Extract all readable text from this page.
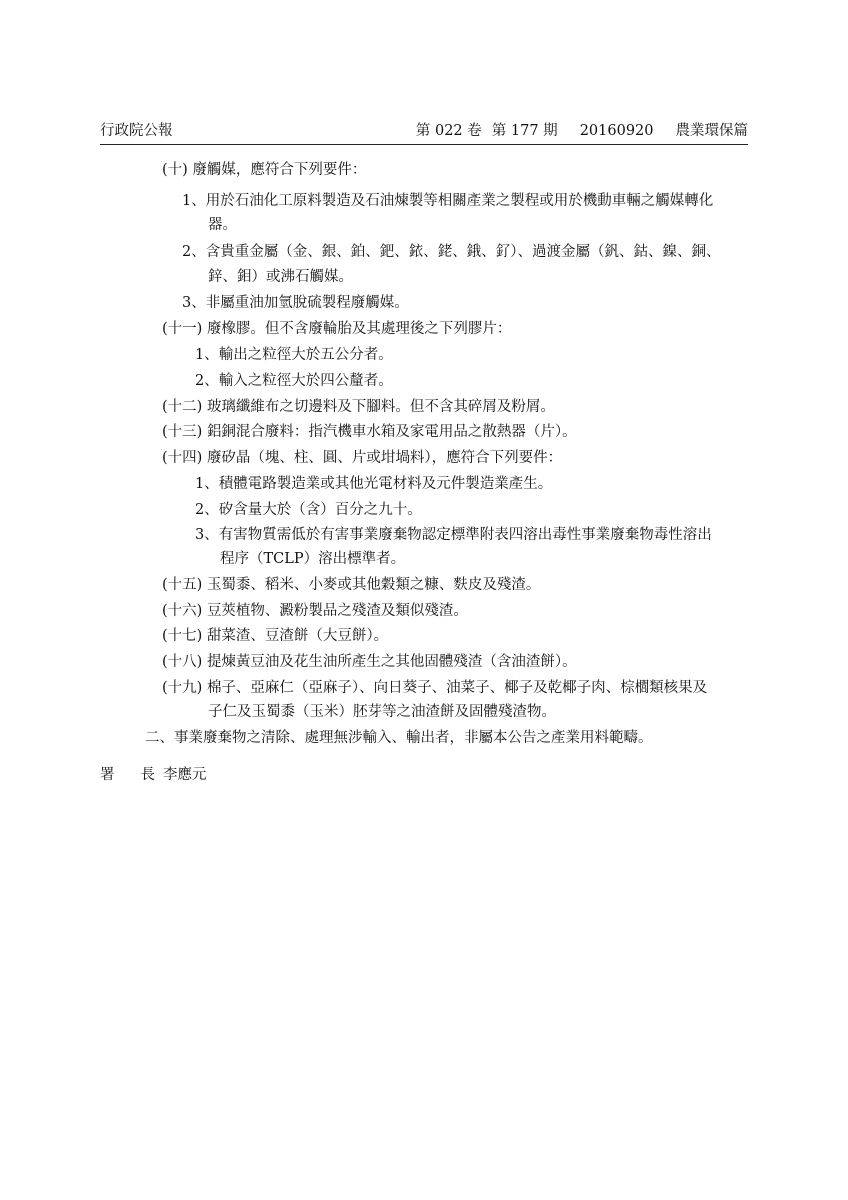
行政院公報	第 022 卷 第 177 期 20160920 農業環保篇
(十) 廢觸媒，應符合下列要件：
1、用於石油化工原料製造及石油煉製等相關產業之製程或用於機動車輛之觸媒轉化
器。
2、含貴重金屬（金、銀、鉑、鈀、銥、銠、鋨、釕）、過渡金屬（釩、鈷、鎳、銅、
鋅、鉬）或沸石觸媒。
3、非屬重油加氫脫硫製程廢觸媒。
(十一) 廢橡膠。但不含廢輪胎及其處理後之下列膠片：
1、輸出之粒徑大於五公分者。
2、輸入之粒徑大於四公釐者。
(十二) 玻璃纖維布之切邊料及下腳料。但不含其碎屑及粉屑。
(十三) 鋁銅混合廢料：指汽機車水箱及家電用品之散熱器（片）。
(十四) 廢矽晶（塊、柱、圓、片或坩堝料），應符合下列要件：
1、積體電路製造業或其他光電材料及元件製造業產生。
2、矽含量大於（含）百分之九十。
3、有害物質需低於有害事業廢棄物認定標準附表四溶出毒性事業廢棄物毒性溶出
程序（TCLP）溶出標準者。
(十五) 玉蜀黍、稻米、小麥或其他穀類之糠、麩皮及殘渣。
(十六) 豆莢植物、澱粉製品之殘渣及類似殘渣。
(十七) 甜菜渣、豆渣餅（大豆餅）。
(十八) 提煉黃豆油及花生油所產生之其他固體殘渣（含油渣餅）。
(十九) 棉子、亞麻仁（亞麻子）、向日葵子、油菜子、椰子及乾椰子肉、棕櫚類核果及
子仁及玉蜀黍（玉米）胚芽等之油渣餅及固體殘渣物。
二、事業廢棄物之清除、處理無涉輸入、輸出者，非屬本公告之產業用料範疇。
署 長 李應元
